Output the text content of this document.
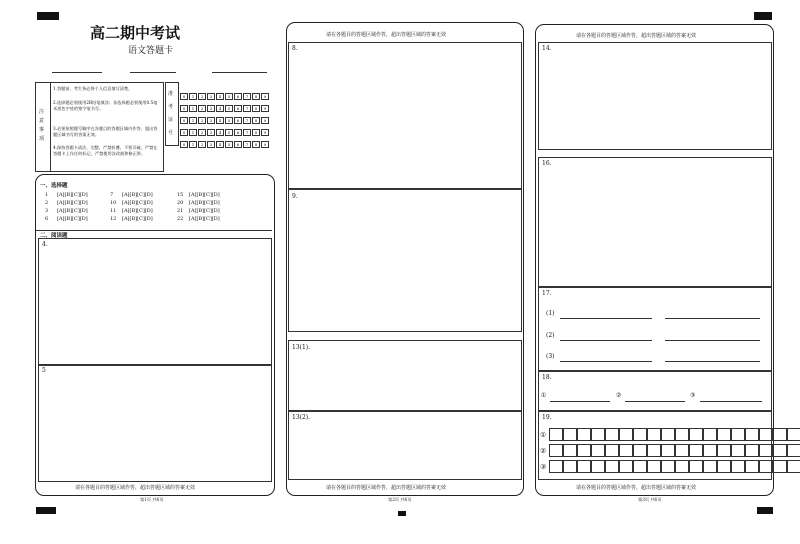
高二期中考试
语文答题卡
注
意
事
项
1.答题前，考生务必将个人信息填写清楚。
2.选择题必须使用2B铅笔填涂；非选择题必须使用0.5毫米黑色字迹的签字笔书写。
3.必须按照题号顺序在各题目的答题区域内作答，超出答题区域书写的答案无效。
4.保持答题卡清洁、完整，严禁折叠。不要弄破，严禁在答题卡上作任何标记，严禁使用涂改液和修正带。
准
考
证
号
0 1 2 3 4 5 6 7 8 9
0 1 2 3 4 5 6 7 8 9
0 1 2 3 4 5 6 7 8 9
0 1 2 3 4 5 6 7 8 9
0 1 2 3 4 5 6 7 8 9
一、选择题
1 [A][B][C][D]
2 [A][B][C][D]
3 [A][B][C][D]
6 [A][B][C][D]
7 [A][B][C][D]
10 [A][B][C][D]
11 [A][B][C][D]
12 [A][B][C][D]
15 [A][B][C][D]
20 [A][B][C][D]
21 [A][B][C][D]
22 [A][B][C][D]
二、阅读题
4.
5
请在各题目的答题区域作答，超出答题区域的答案无效
第1页 共6页
请在各题目的答题区域作答，超出答题区域的答案无效
8.
9.
13(1).
13(2).
请在各题目的答题区域作答，超出答题区域的答案无效
第2页 共6页
请在各题目的答题区域作答，超出答题区域的答案无效
14.
16.
17.
(1)
(2)
(3)
18.
①	②	③
19.
①
②
③
请在各题目的答题区域作答，超出答题区域的答案无效
第3页 共6页
